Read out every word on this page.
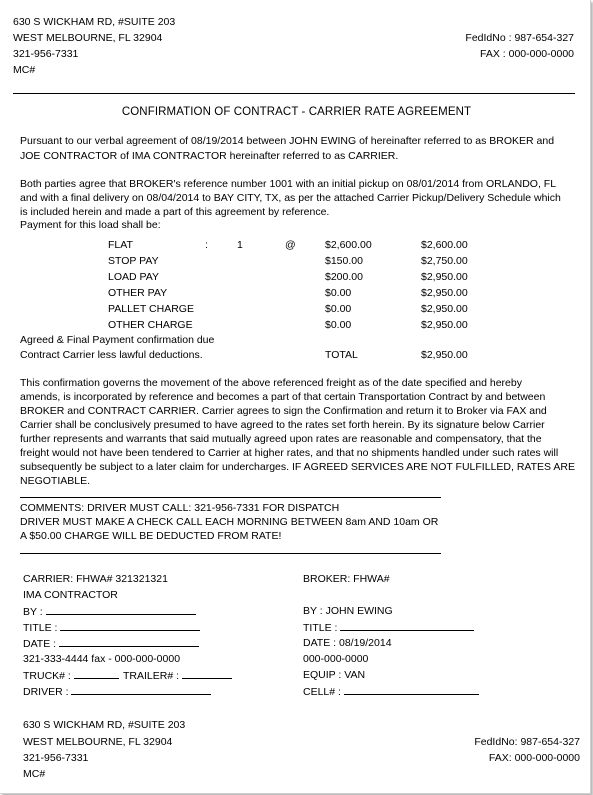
630 S WICKHAM RD, #SUITE 203
WEST MELBOURNE, FL 32904
321-956-7331
MC#
FedIdNo : 987-654-327
FAX : 000-000-0000
CONFIRMATION OF CONTRACT - CARRIER RATE AGREEMENT
Pursuant to our verbal agreement of 08/19/2014 between JOHN EWING of hereinafter referred to as BROKER and
JOE CONTRACTOR of IMA CONTRACTOR hereinafter referred to as CARRIER.
Both parties agree that BROKER's reference number 1001 with an initial pickup on 08/01/2014 from ORLANDO, FL
and with a final delivery on 08/04/2014 to BAY CITY, TX, as per the attached Carrier Pickup/Delivery Schedule which
is included herein and made a part of this agreement by reference.
Payment for this load shall be:
FLAT	:	1	@	$2,600.00	$2,600.00
STOP PAY	$150.00	$2,750.00
LOAD PAY	$200.00	$2,950.00
OTHER PAY	$0.00	$2,950.00
PALLET CHARGE	$0.00	$2,950.00
OTHER CHARGE	$0.00	$2,950.00
Agreed & Final Payment confirmation due
Contract Carrier less lawful deductions.	TOTAL	$2,950.00
This confirmation governs the movement of the above referenced freight as of the date specified and hereby
amends, is incorporated by reference and becomes a part of that certain Transportation Contract by and between
BROKER and CONTRACT CARRIER. Carrier agrees to sign the Confirmation and return it to Broker via FAX and
Carrier shall be conclusively presumed to have agreed to the rates set forth herein. By its signature below Carrier
further represents and warrants that said mutually agreed upon rates are reasonable and compensatory, that the
freight would not have been tendered to Carrier at higher rates, and that no shipments handled under such rates will
subsequently be subject to a later claim for undercharges. IF AGREED SERVICES ARE NOT FULFILLED, RATES ARE
NEGOTIABLE.
COMMENTS: DRIVER MUST CALL: 321-956-7331 FOR DISPATCH
DRIVER MUST MAKE A CHECK CALL EACH MORNING BETWEEN 8am AND 10am OR
A $50.00 CHARGE WILL BE DEDUCTED FROM RATE!
CARRIER: FHWA# 321321321
IMA CONTRACTOR
BY :
TITLE :
DATE :
321-333-4444 fax - 000-000-0000
TRUCK# :	TRAILER# :
DRIVER :
BROKER: FHWA#
BY : JOHN EWING
TITLE :
DATE : 08/19/2014
000-000-0000
EQUIP : VAN
CELL# :
630 S WICKHAM RD, #SUITE 203
WEST MELBOURNE, FL 32904
321-956-7331
MC#
FedIdNo: 987-654-327
FAX: 000-000-0000
